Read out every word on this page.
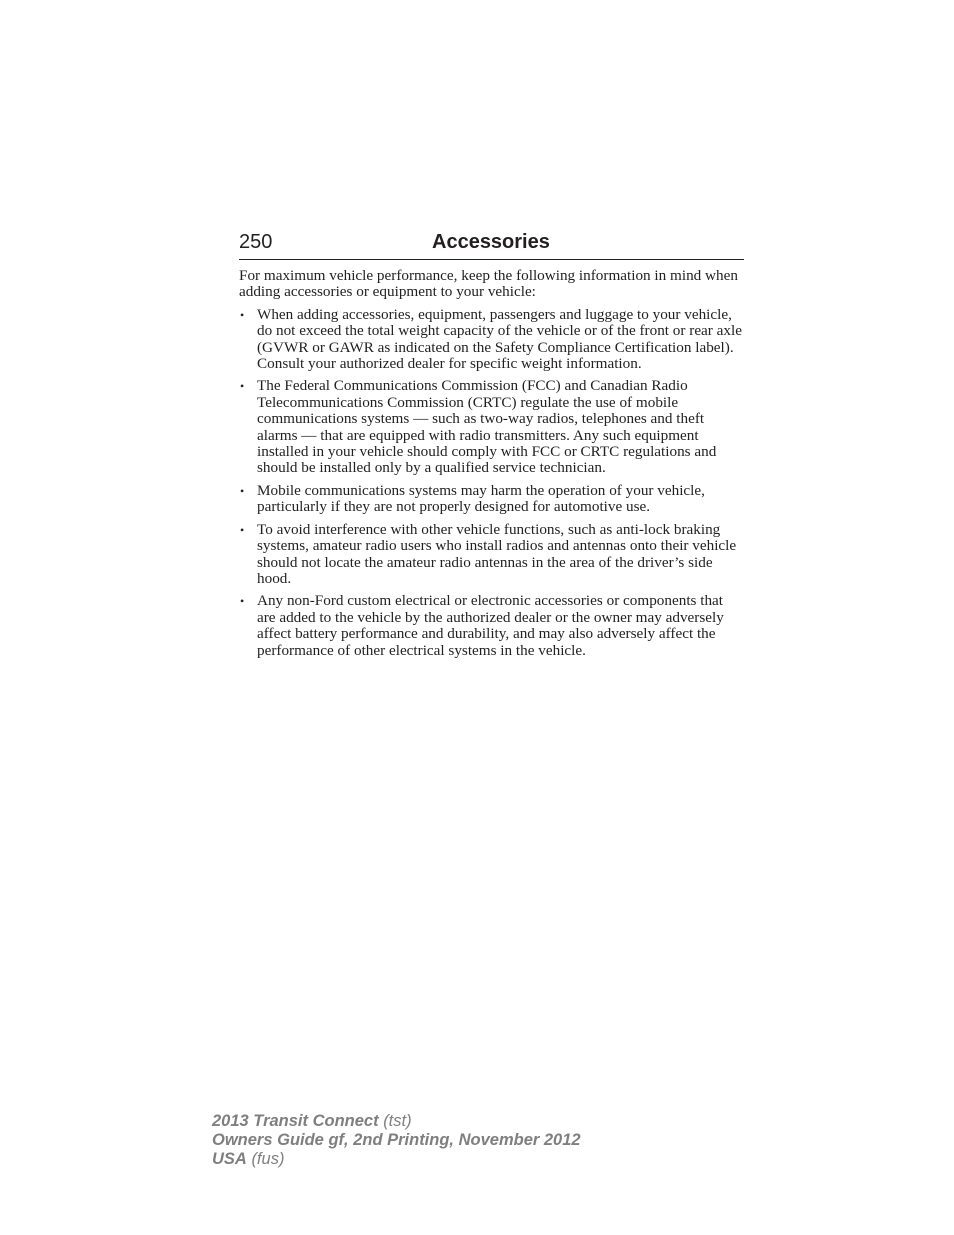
250	Accessories

For maximum vehicle performance, keep the following information in mind when adding accessories or equipment to your vehicle:

• When adding accessories, equipment, passengers and luggage to your vehicle, do not exceed the total weight capacity of the vehicle or of the front or rear axle (GVWR or GAWR as indicated on the Safety Compliance Certification label). Consult your authorized dealer for specific weight information.
• The Federal Communications Commission (FCC) and Canadian Radio Telecommunications Commission (CRTC) regulate the use of mobile communications systems — such as two-way radios, telephones and theft alarms — that are equipped with radio transmitters. Any such equipment installed in your vehicle should comply with FCC or CRTC regulations and should be installed only by a qualified service technician.
• Mobile communications systems may harm the operation of your vehicle, particularly if they are not properly designed for automotive use.
• To avoid interference with other vehicle functions, such as anti-lock braking systems, amateur radio users who install radios and antennas onto their vehicle should not locate the amateur radio antennas in the area of the driver’s side hood.
• Any non-Ford custom electrical or electronic accessories or components that are added to the vehicle by the authorized dealer or the owner may adversely affect battery performance and durability, and may also adversely affect the performance of other electrical systems in the vehicle.
2013 Transit Connect (tst)
Owners Guide gf, 2nd Printing, November 2012
USA (fus)
